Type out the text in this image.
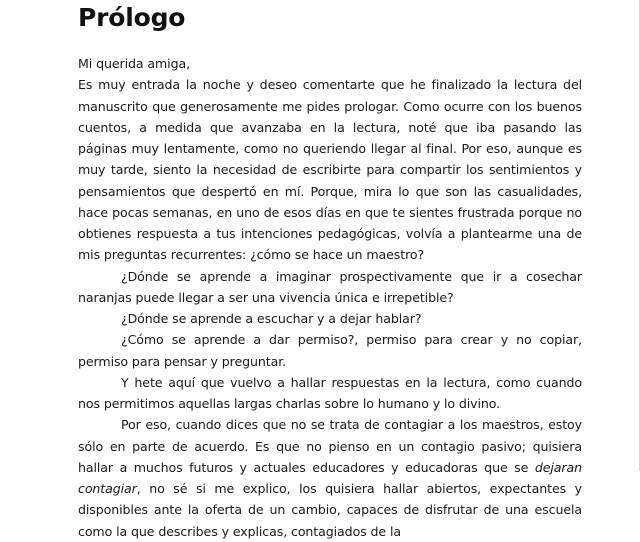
Prólogo

Mi querida amiga,

Es muy entrada la noche y deseo comentarte que he finalizado la lectura del manuscrito que generosamente me pides prologar. Como ocurre con los buenos cuentos, a medida que avanzaba en la lectura, noté que iba pasando las páginas muy lentamente, como no queriendo llegar al final. Por eso, aunque es muy tarde, siento la necesidad de escribirte para compartir los sentimientos y pensamientos que despertó en mí. Porque, mira lo que son las casualidades, hace pocas semanas, en uno de esos días en que te sientes frustrada porque no obtienes respuesta a tus intenciones pedagógicas, volvía a plantearme una de mis preguntas recurrentes: ¿cómo se hace un maestro?

¿Dónde se aprende a imaginar prospectivamente que ir a cosechar naranjas puede llegar a ser una vivencia única e irrepetible?

¿Dónde se aprende a escuchar y a dejar hablar?

¿Cómo se aprende a dar permiso?, permiso para crear y no copiar, permiso para pensar y preguntar.

Y hete aquí que vuelvo a hallar respuestas en la lectura, como cuando nos permitimos aquellas largas charlas sobre lo humano y lo divino.

Por eso, cuando dices que no se trata de contagiar a los maestros, estoy sólo en parte de acuerdo. Es que no pienso en un contagio pasivo; quisiera hallar a muchos futuros y actuales educadores y educadoras que se dejaran contagiar, no sé si me explico, los quisiera hallar abiertos, expectantes y disponibles ante la oferta de un cambio, capaces de disfrutar de una escuela como la que describes y explicas, contagiados de la
